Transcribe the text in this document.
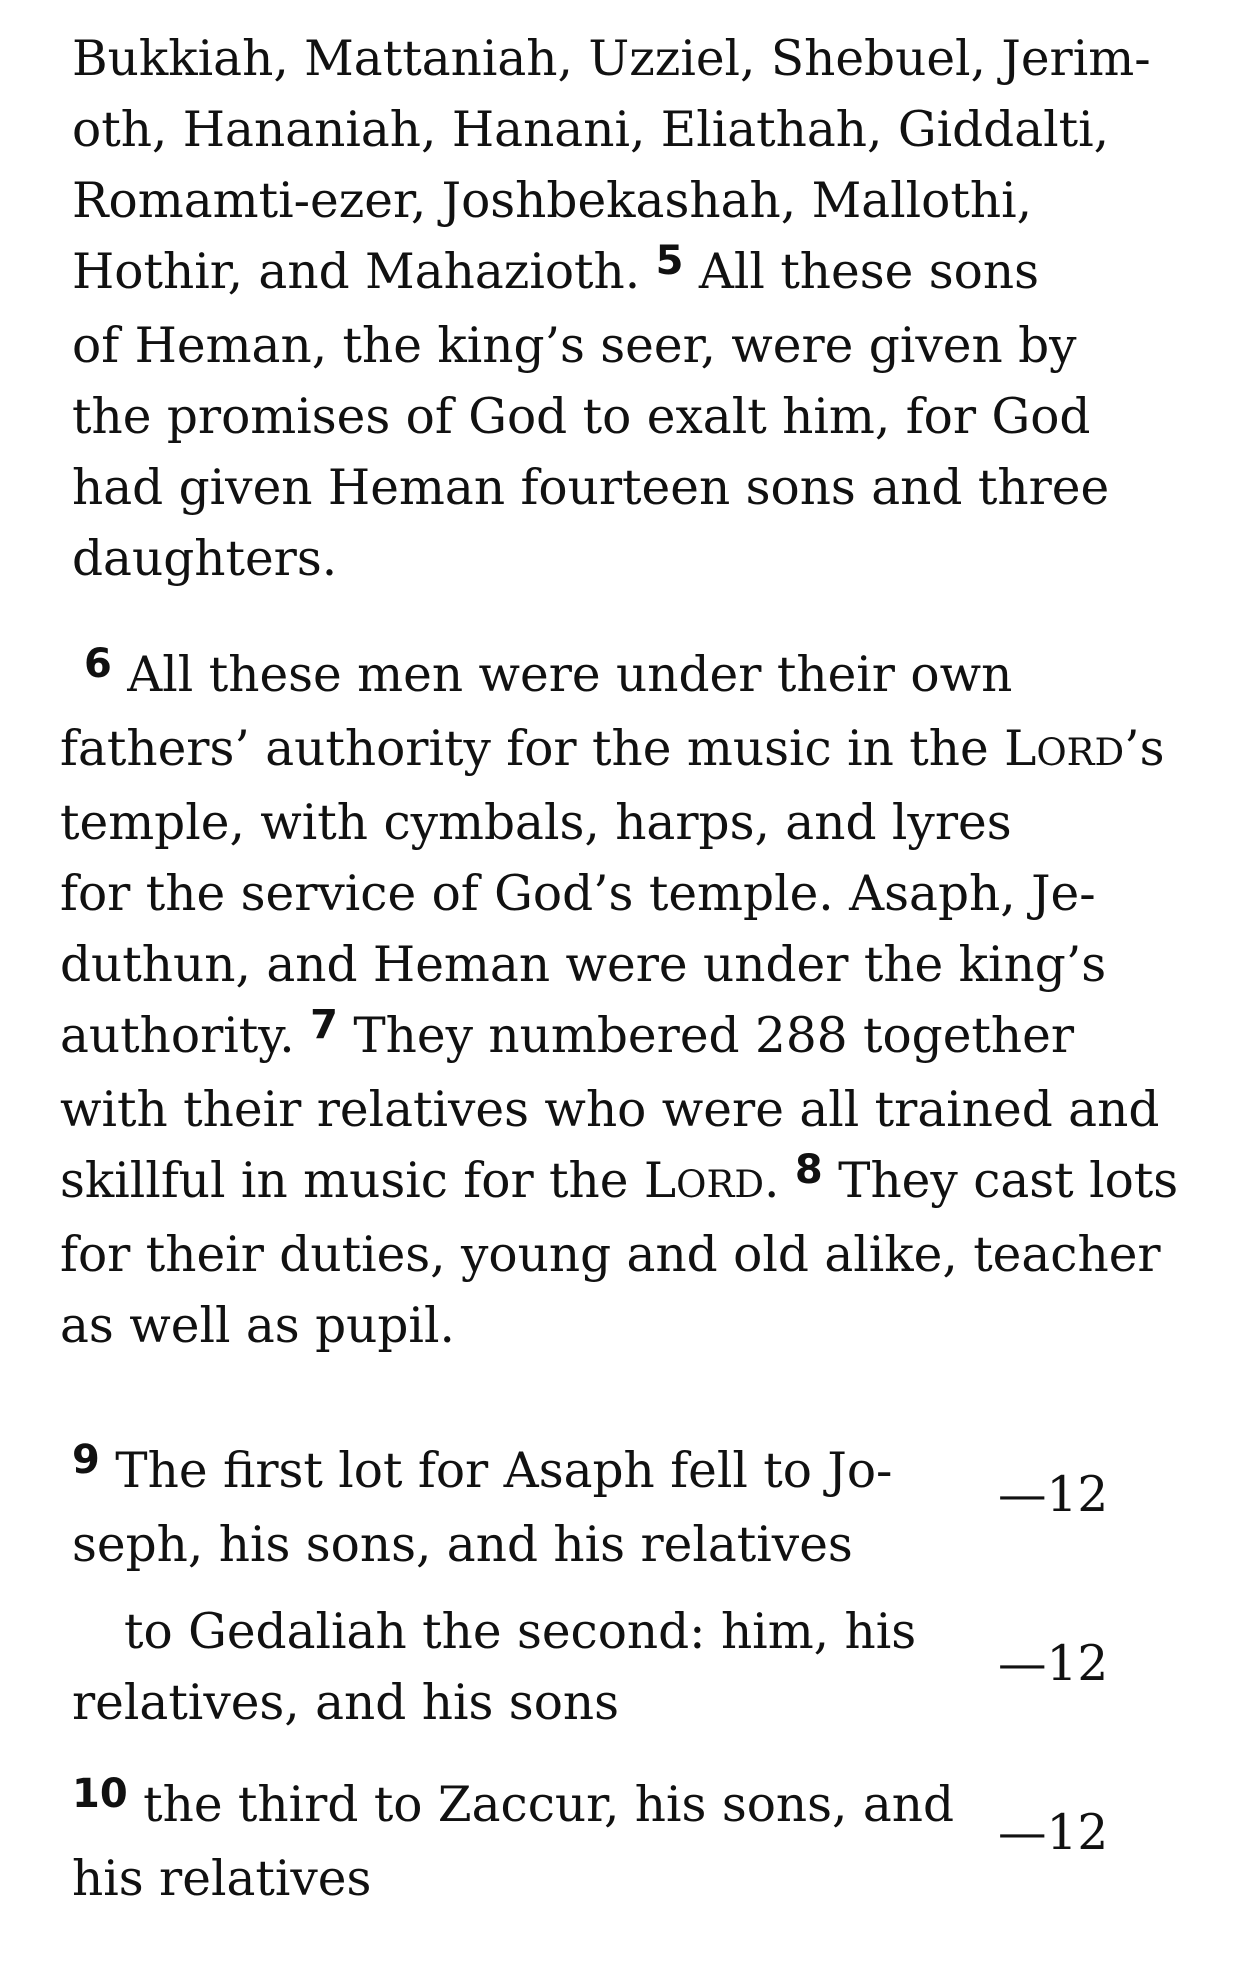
Bukkiah, Mattaniah, Uzziel, Shebuel, Jerim-
oth, Hananiah, Hanani, Eliathah, Giddalti,
Romamti-ezer, Joshbekashah, Mallothi,
Hothir, and Mahazioth. $^5$ All these sons
of Heman, the king’s seer, were given by
the promises of God to exalt him, for God
had given Heman fourteen sons and three
daughters.
$^6$ All these men were under their own
fathers’ authority for the music in the LORD’s
temple, with cymbals, harps, and lyres
for the service of God’s temple. Asaph, Je-
duthun, and Heman were under the king’s
authority. $^7$ They numbered 288 together
with their relatives who were all trained and
skillful in music for the LORD. $^8$ They cast lots
for their duties, young and old alike, teacher
as well as pupil.
$^9$ The first lot for Asaph fell to Jo-
seph, his sons, and his relatives
—12
to Gedaliah the second: him, his
relatives, and his sons
—12
$^{10}$ the third to Zaccur, his sons, and
his relatives
—12
